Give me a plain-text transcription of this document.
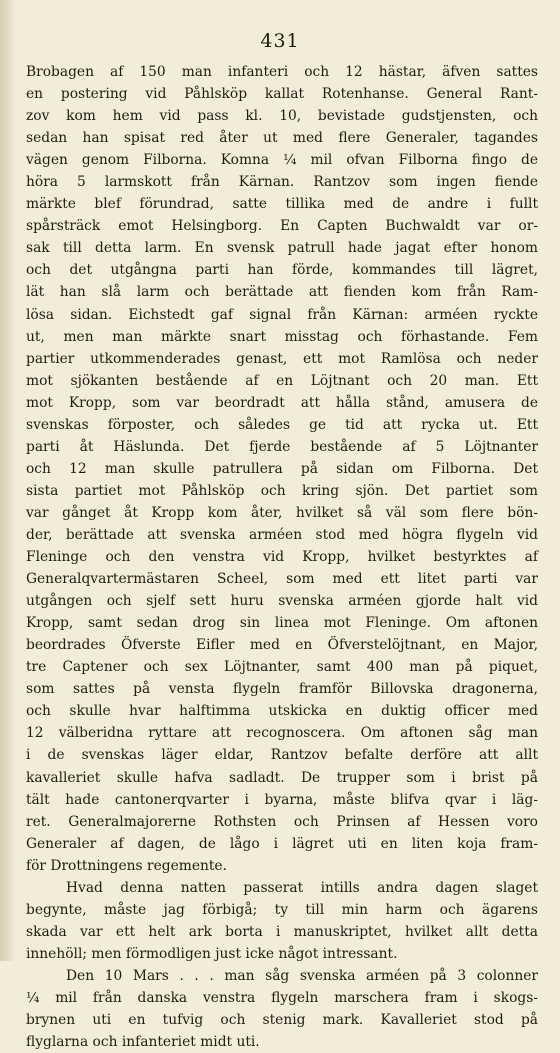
431
Brobagen af 150 man infanteri och 12 hästar, äfven sattes
en postering vid Påhlsköp kallat Rotenhanse. General Rant-
zov kom hem vid pass kl. 10, bevistade gudstjensten, och
sedan han spisat red åter ut med flere Generaler, tagandes
vägen genom Filborna. Komna ¼ mil ofvan Filborna fingo de
höra 5 larmskott från Kärnan. Rantzov som ingen fiende
märkte blef förundrad, satte tillika med de andre i fullt
spårsträck emot Helsingborg. En Capten Buchwaldt var or-
sak till detta larm. En svensk patrull hade jagat efter honom
och det utgångna parti han förde, kommandes till lägret,
lät han slå larm och berättade att fienden kom från Ram-
lösa sidan. Eichstedt gaf signal från Kärnan: arméen ryckte
ut, men man märkte snart misstag och förhastande. Fem
partier utkommenderades genast, ett mot Ramlösa och neder
mot sjökanten bestående af en Löjtnant och 20 man. Ett
mot Kropp, som var beordradt att hålla stånd, amusera de
svenskas förposter, och således ge tid att rycka ut. Ett
parti åt Häslunda. Det fjerde bestående af 5 Löjtnanter
och 12 man skulle patrullera på sidan om Filborna. Det
sista partiet mot Påhlsköp och kring sjön. Det partiet som
var gånget åt Kropp kom åter, hvilket så väl som flere bön-
der, berättade att svenska arméen stod med högra flygeln vid
Fleninge och den venstra vid Kropp, hvilket bestyrktes af
Generalqvartermästaren Scheel, som med ett litet parti var
utgången och sjelf sett huru svenska arméen gjorde halt vid
Kropp, samt sedan drog sin linea mot Fleninge. Om aftonen
beordrades Öfverste Eifler med en Öfverstelöjtnant, en Major,
tre Captener och sex Löjtnanter, samt 400 man på piquet,
som sattes på vensta flygeln framför Billovska dragonerna,
och skulle hvar halftimma utskicka en duktig officer med
12 välberidna ryttare att recognoscera. Om aftonen såg man
i de svenskas läger eldar, Rantzov befalte derföre att allt
kavalleriet skulle hafva sadladt. De trupper som i brist på
tält hade cantonerqvarter i byarna, måste blifva qvar i läg-
ret. Generalmajorerne Rothsten och Prinsen af Hessen voro
Generaler af dagen, de lågo i lägret uti en liten koja fram-
för Drottningens regemente.
Hvad denna natten passerat intills andra dagen slaget
begynte, måste jag förbigå; ty till min harm och ägarens
skada var ett helt ark borta i manuskriptet, hvilket allt detta
innehöll; men förmodligen just icke något intressant.
Den 10 Mars . . . man såg svenska arméen på 3 colonner
¼ mil från danska venstra flygeln marschera fram i skogs-
brynen uti en tufvig och stenig mark. Kavalleriet stod på
flyglarna och infanteriet midt uti.
